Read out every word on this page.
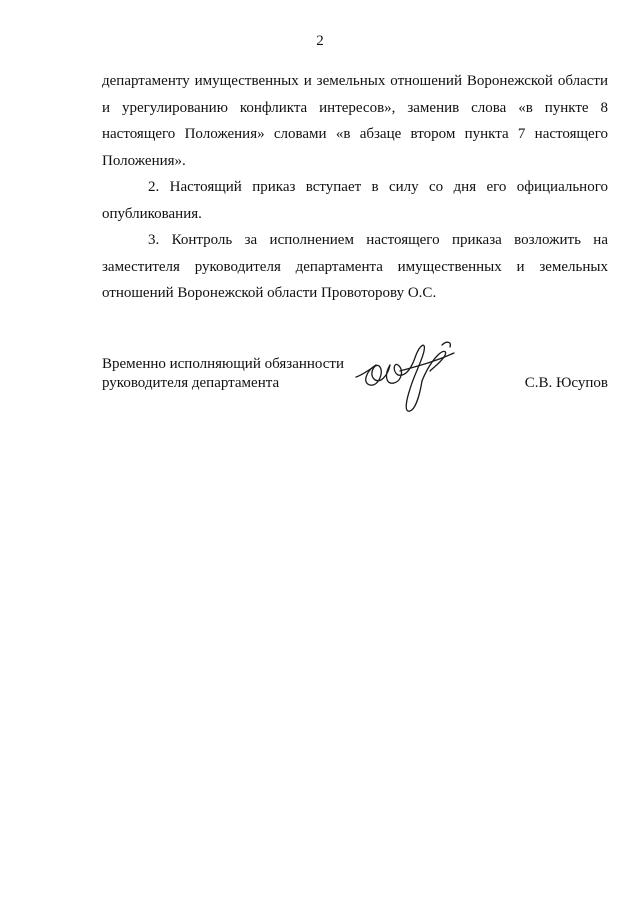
2

департаменту имущественных и земельных отношений Воронежской области и урегулированию конфликта интересов», заменив слова «в пункте 8 настоящего Положения» словами «в абзаце втором пункта 7 настоящего Положения».

2. Настоящий приказ вступает в силу со дня его официального опубликования.

3. Контроль за исполнением настоящего приказа возложить на заместителя руководителя департамента имущественных и земельных отношений Воронежской области Провоторову О.С.

Временно исполняющий обязанности
руководителя департамента	С.В. Юсупов
